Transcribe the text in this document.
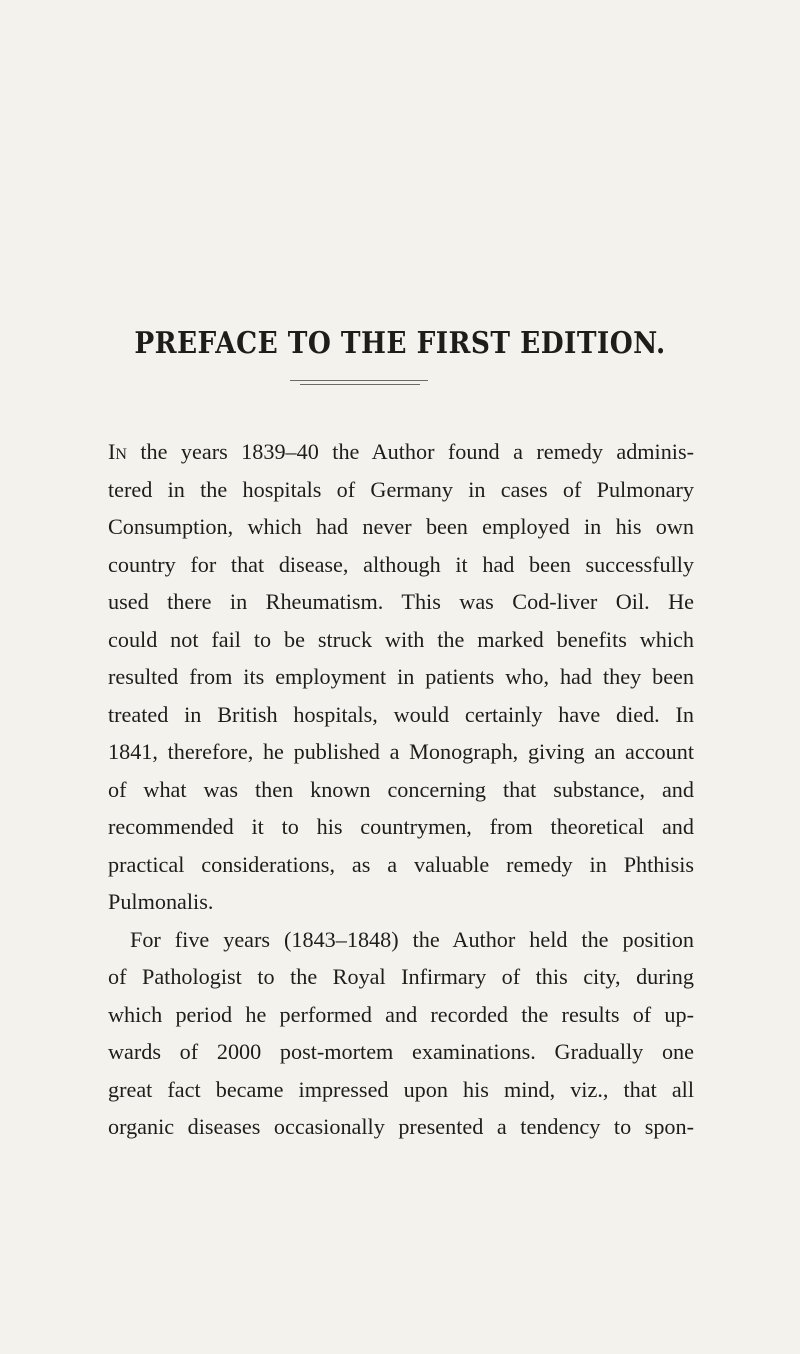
PREFACE TO THE FIRST EDITION.
In the years 1839–40 the Author found a remedy adminis-
tered in the hospitals of Germany in cases of Pulmonary
Consumption, which had never been employed in his own
country for that disease, although it had been successfully
used there in Rheumatism. This was Cod-liver Oil. He
could not fail to be struck with the marked benefits which
resulted from its employment in patients who, had they been
treated in British hospitals, would certainly have died. In
1841, therefore, he published a Monograph, giving an account
of what was then known concerning that substance, and
recommended it to his countrymen, from theoretical and
practical considerations, as a valuable remedy in Phthisis
Pulmonalis.
For five years (1843–1848) the Author held the position
of Pathologist to the Royal Infirmary of this city, during
which period he performed and recorded the results of up-
wards of 2000 post-mortem examinations. Gradually one
great fact became impressed upon his mind, viz., that all
organic diseases occasionally presented a tendency to spon-
